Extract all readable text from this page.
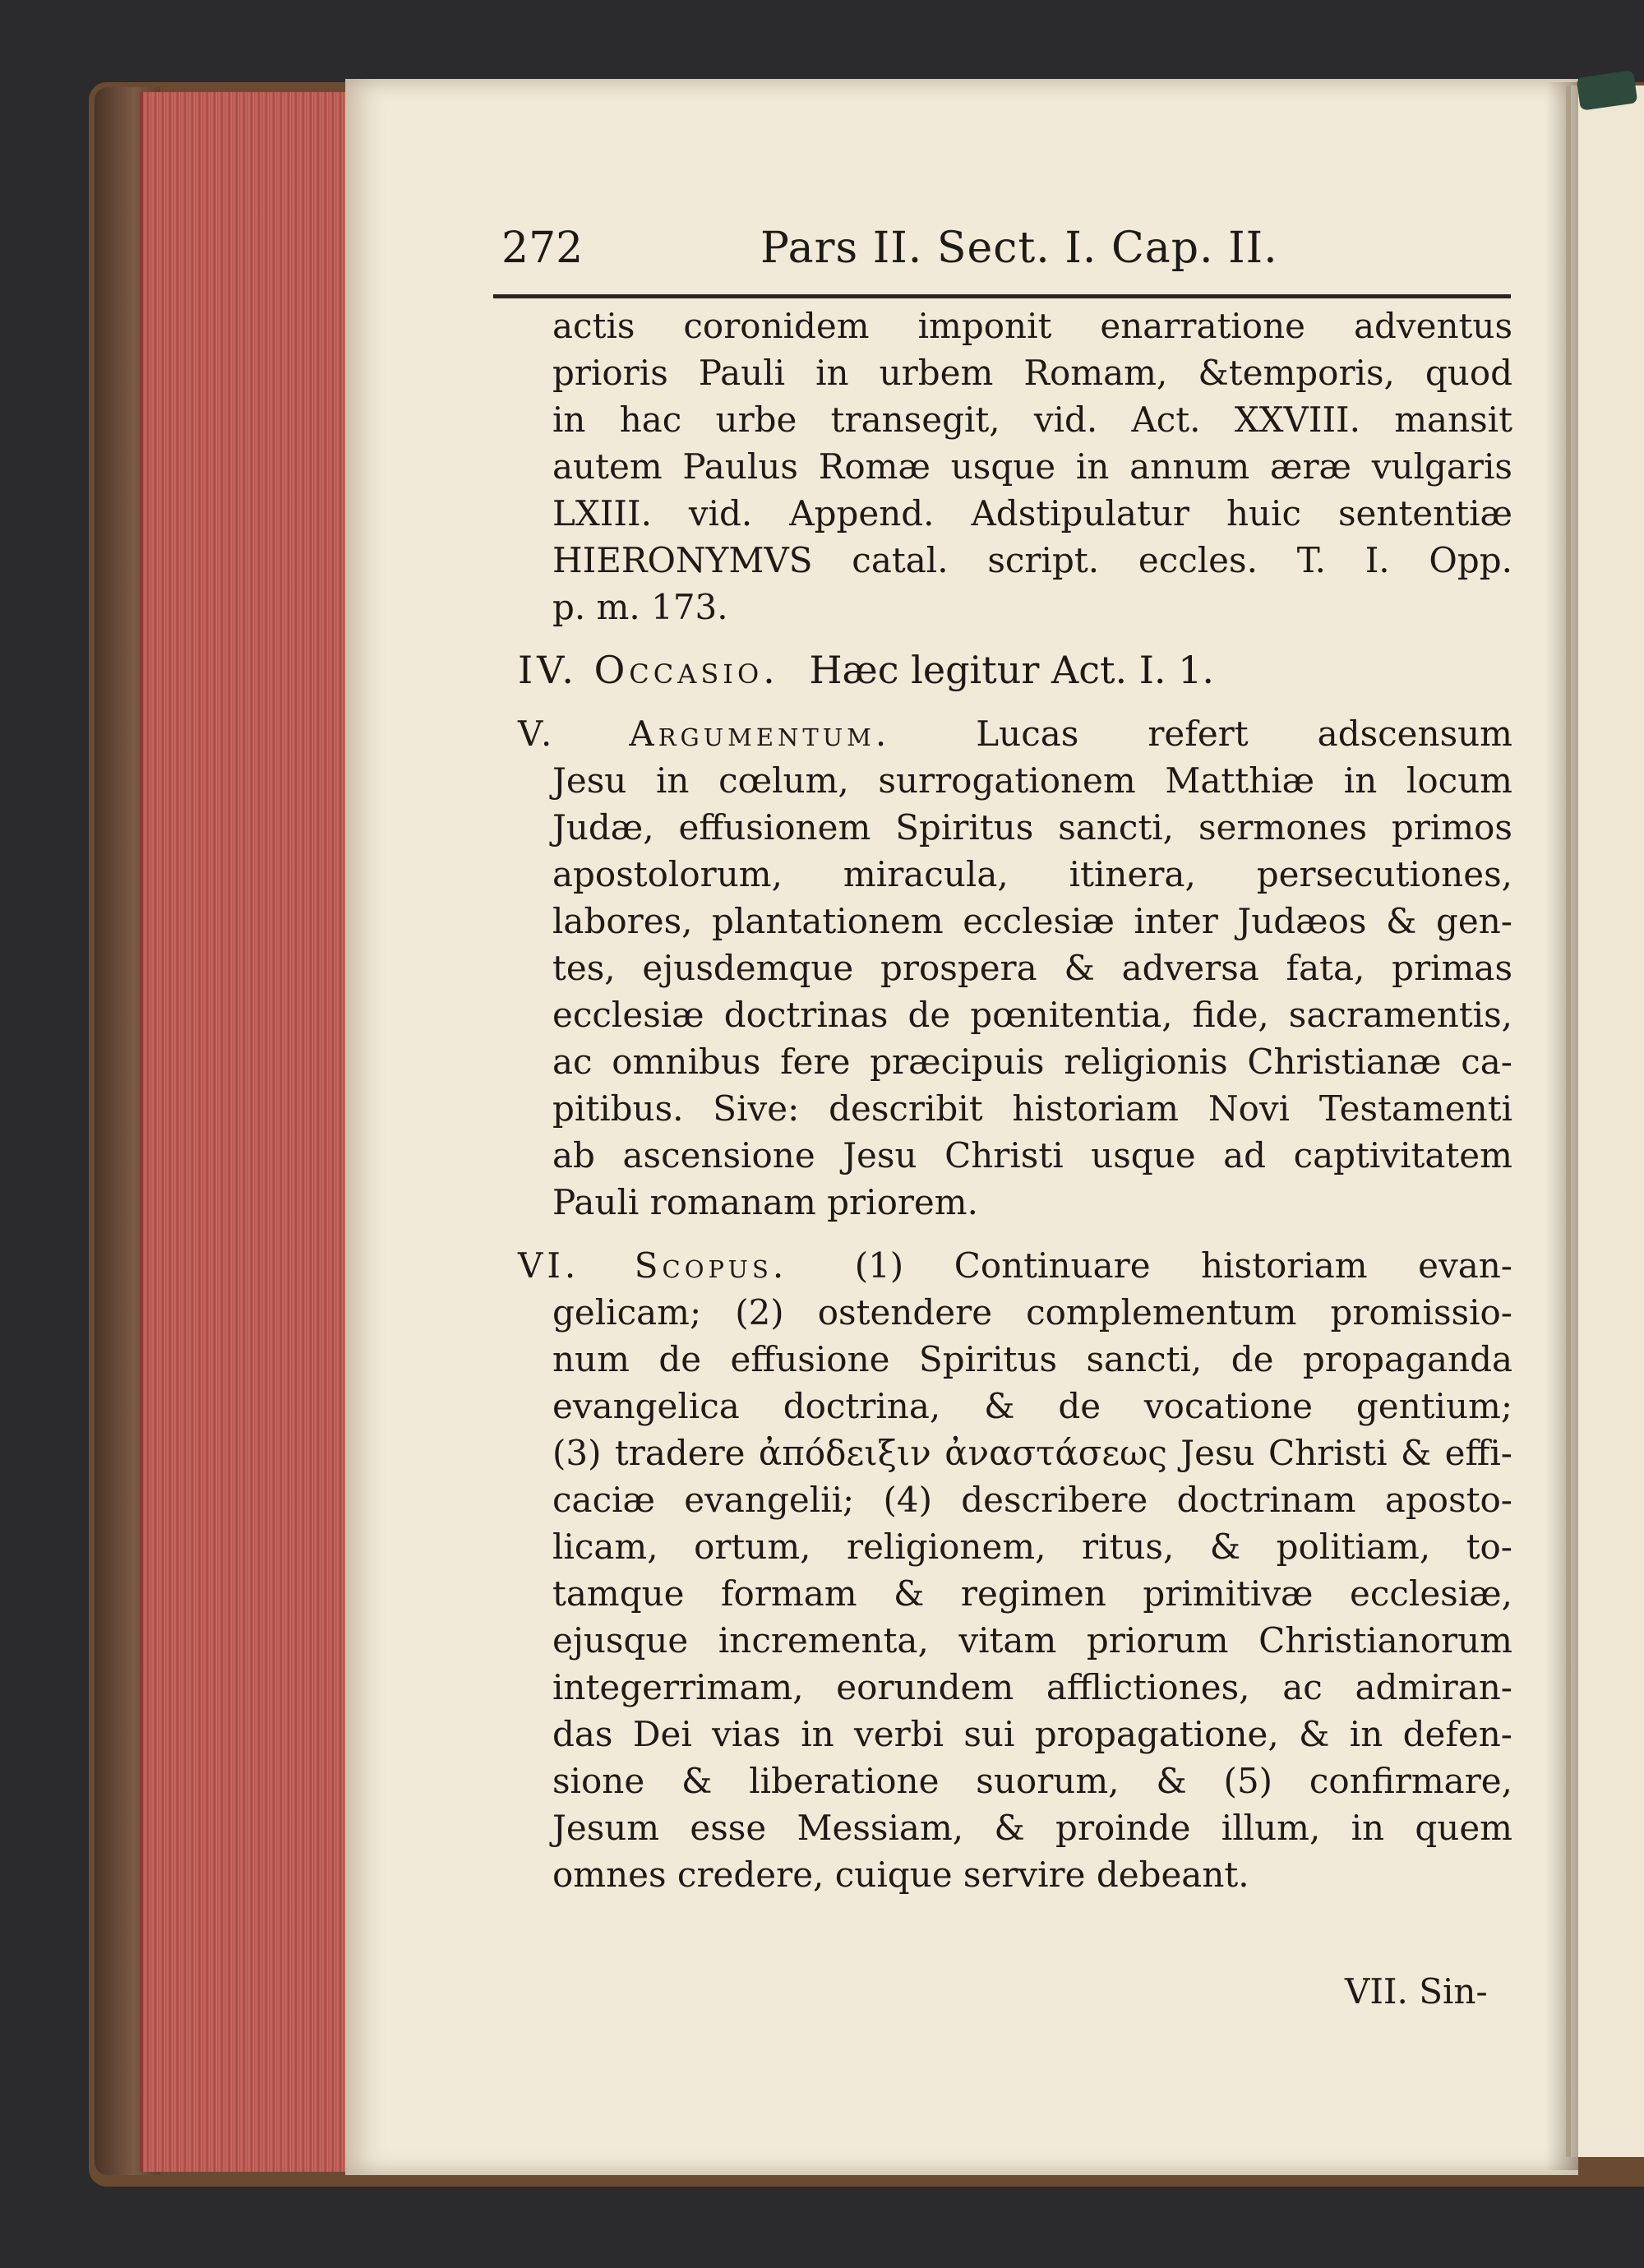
272	Pars II. Sect. I. Cap. II.
actis coronidem imponit enarratione adventus
prioris Pauli in urbem Romam, &temporis, quod
in hac urbe transegit, vid. Act. XXVIII. mansit
autem Paulus Romæ usque in annum æræ vulgaris
LXIII. vid. Append. Adstipulatur huic sententiæ
HIERONYMVS catal. script. eccles. T. I. Opp.
p. m. 173.
IV. Occasio. Hæc legitur Act. I. 1.
V. Argumentum. Lucas refert adscensum
Jesu in cœlum, surrogationem Matthiæ in locum
Judæ, effusionem Spiritus sancti, sermones primos
apostolorum, miracula, itinera, persecutiones,
labores, plantationem ecclesiæ inter Judæos & gen-
tes, ejusdemque prospera & adversa fata, primas
ecclesiæ doctrinas de pœnitentia, fide, sacramentis,
ac omnibus fere præcipuis religionis Christianæ ca-
pitibus. Sive: describit historiam Novi Testamenti
ab ascensione Jesu Christi usque ad captivitatem
Pauli romanam priorem.
VI. Scopus. (1) Continuare historiam evan-
gelicam; (2) ostendere complementum promissio-
num de effusione Spiritus sancti, de propaganda
evangelica doctrina, & de vocatione gentium;
(3) tradere ἀπόδειξιν ἀναστάσεως Jesu Christi & effi-
caciæ evangelii; (4) describere doctrinam aposto-
licam, ortum, religionem, ritus, & politiam, to-
tamque formam & regimen primitivæ ecclesiæ,
ejusque incrementa, vitam priorum Christianorum
integerrimam, eorundem afflictiones, ac admiran-
das Dei vias in verbi sui propagatione, & in defen-
sione & liberatione suorum, & (5) confirmare,
Jesum esse Messiam, & proinde illum, in quem
omnes credere, cuique servire debeant.
VII. Sin-
